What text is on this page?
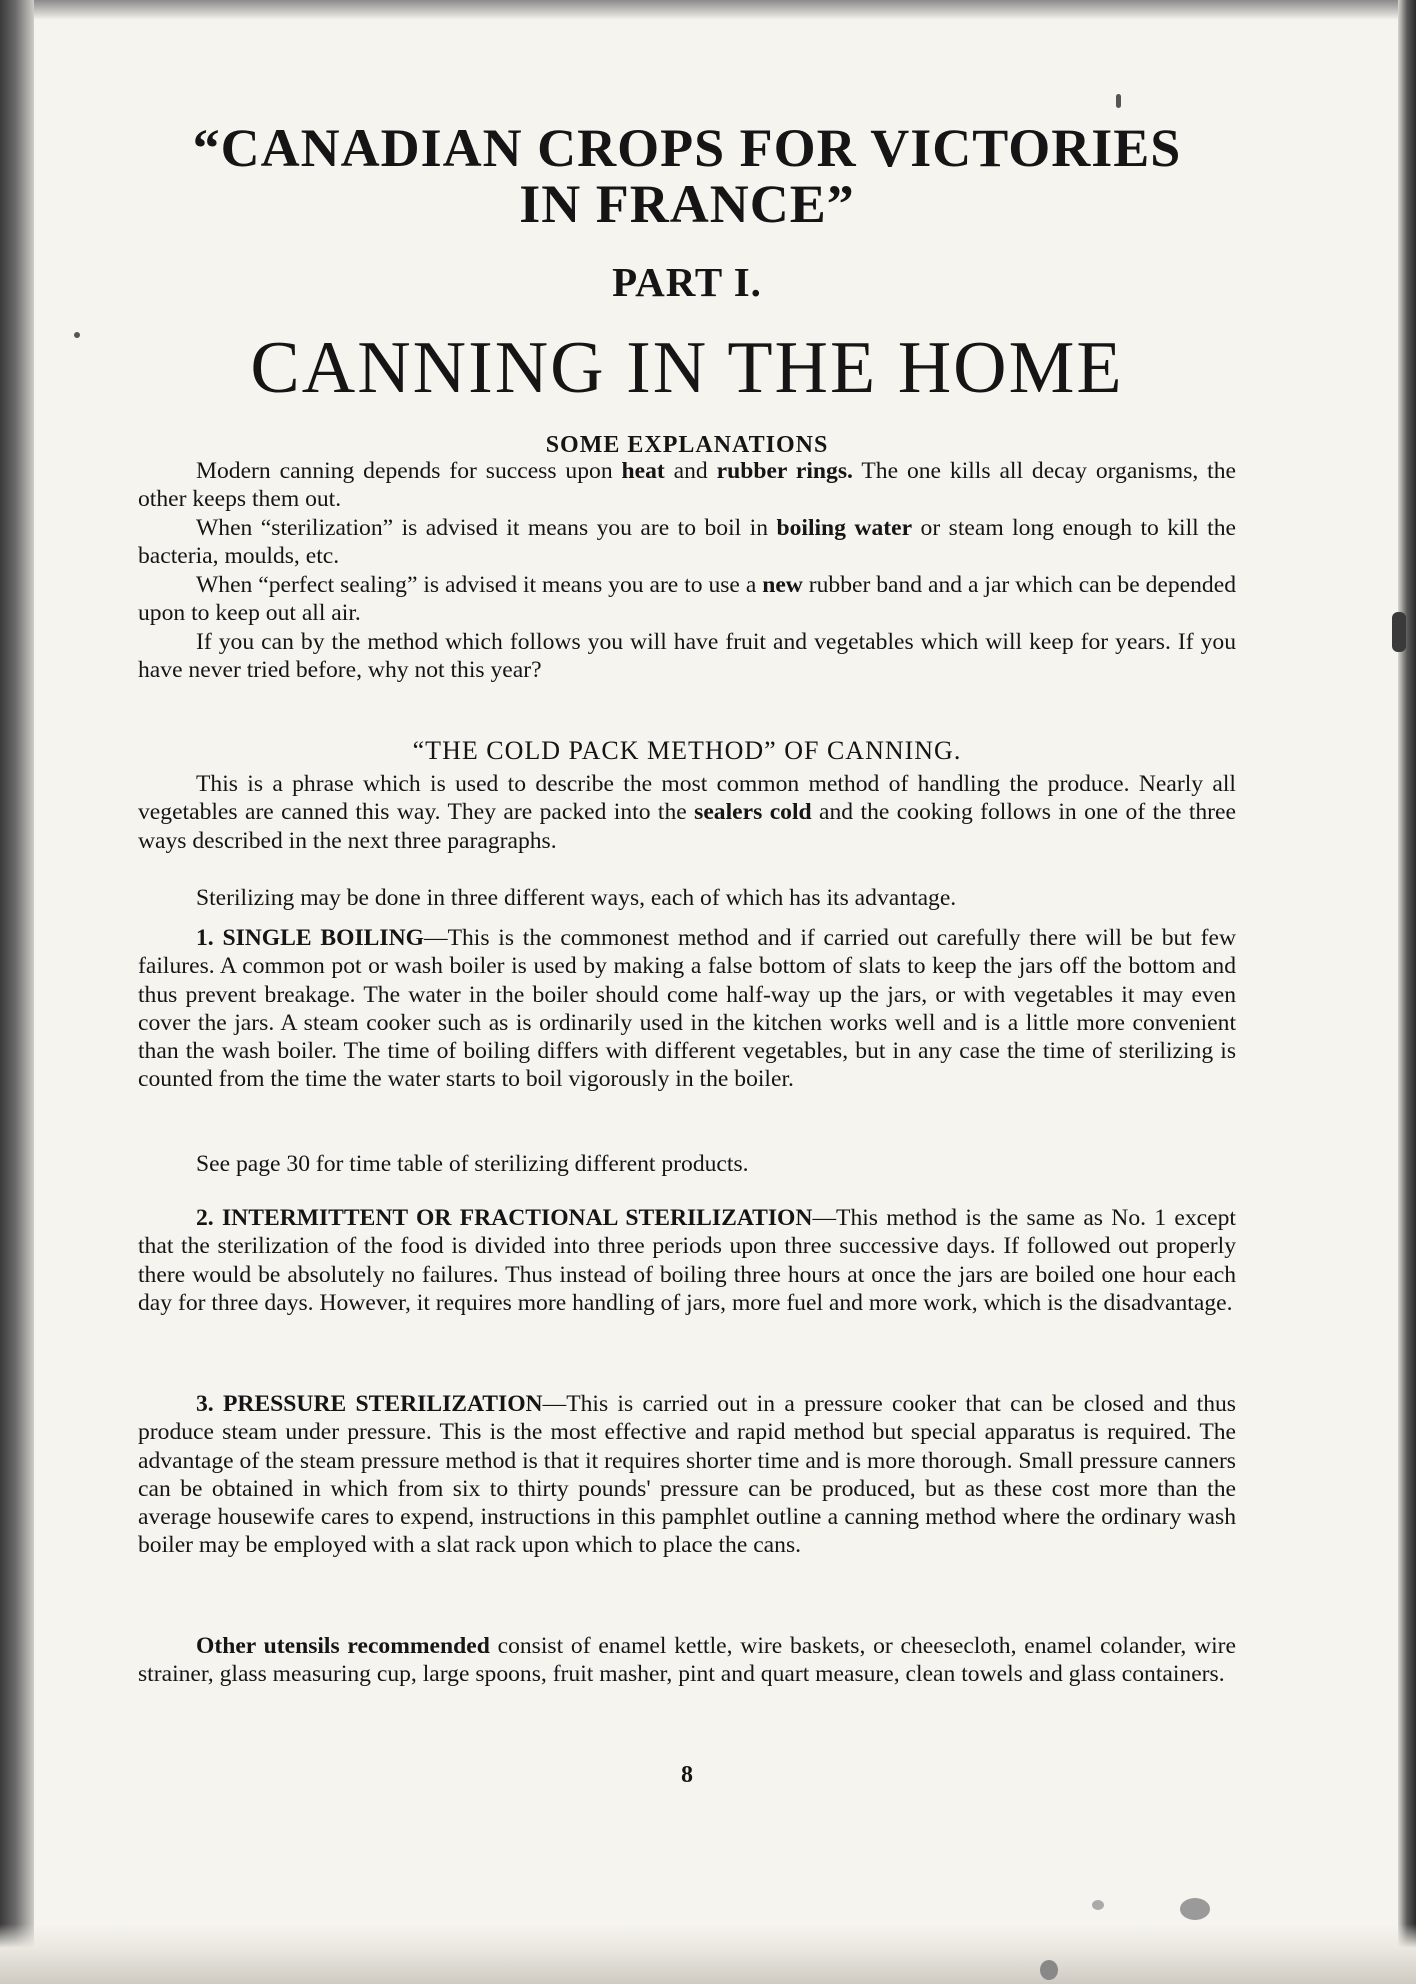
“CANADIAN CROPS FOR VICTORIES
IN FRANCE”
PART I.
CANNING IN THE HOME
SOME EXPLANATIONS

Modern canning depends for success upon heat and rubber rings. The one kills all decay organisms, the other keeps them out.

When “sterilization” is advised it means you are to boil in boiling water or steam long enough to kill the bacteria, moulds, etc.

When “perfect sealing” is advised it means you are to use a new rubber band and a jar which can be depended upon to keep out all air.

If you can by the method which follows you will have fruit and vegetables which will keep for years. If you have never tried before, why not this year?

“THE COLD PACK METHOD” OF CANNING.

This is a phrase which is used to describe the most common method of handling the produce. Nearly all vegetables are canned this way. They are packed into the sealers cold and the cooking follows in one of the three ways described in the next three paragraphs.

Sterilizing may be done in three different ways, each of which has its advantage.

1. SINGLE BOILING—This is the commonest method and if carried out carefully there will be but few failures. A common pot or wash boiler is used by making a false bottom of slats to keep the jars off the bottom and thus prevent breakage. The water in the boiler should come half-way up the jars, or with vegetables it may even cover the jars. A steam cooker such as is ordinarily used in the kitchen works well and is a little more convenient than the wash boiler. The time of boiling differs with different vegetables, but in any case the time of sterilizing is counted from the time the water starts to boil vigorously in the boiler.

See page 30 for time table of sterilizing different products.

2. INTERMITTENT OR FRACTIONAL STERILIZATION—This method is the same as No. 1 except that the sterilization of the food is divided into three periods upon three successive days. If followed out properly there would be absolutely no failures. Thus instead of boiling three hours at once the jars are boiled one hour each day for three days. However, it requires more handling of jars, more fuel and more work, which is the disadvantage.

3. PRESSURE STERILIZATION—This is carried out in a pressure cooker that can be closed and thus produce steam under pressure. This is the most effective and rapid method but special apparatus is required. The advantage of the steam pressure method is that it requires shorter time and is more thorough. Small pressure canners can be obtained in which from six to thirty pounds' pressure can be produced, but as these cost more than the average housewife cares to expend, instructions in this pamphlet outline a canning method where the ordinary wash boiler may be employed with a slat rack upon which to place the cans.

Other utensils recommended consist of enamel kettle, wire baskets, or cheesecloth, enamel colander, wire strainer, glass measuring cup, large spoons, fruit masher, pint and quart measure, clean towels and glass containers.

8
